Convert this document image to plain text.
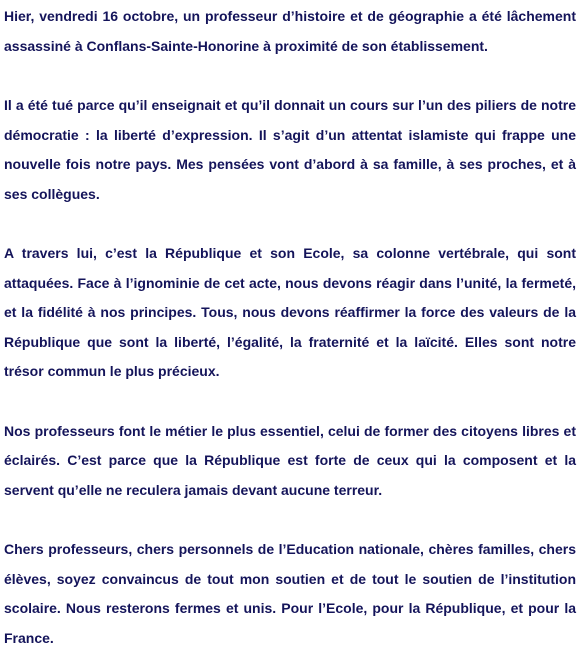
Hier, vendredi 16 octobre, un professeur d’histoire et de géographie a été lâchement assassiné à Conflans-Sainte-Honorine à proximité de son établissement.

Il a été tué parce qu’il enseignait et qu’il donnait un cours sur l’un des piliers de notre démocratie : la liberté d’expression. Il s’agit d’un attentat islamiste qui frappe une nouvelle fois notre pays. Mes pensées vont d’abord à sa famille, à ses proches, et à ses collègues.

A travers lui, c’est la République et son Ecole, sa colonne vertébrale, qui sont attaquées. Face à l’ignominie de cet acte, nous devons réagir dans l’unité, la fermeté, et la fidélité à nos principes. Tous, nous devons réaffirmer la force des valeurs de la République que sont la liberté, l’égalité, la fraternité et la laïcité. Elles sont notre trésor commun le plus précieux.

Nos professeurs font le métier le plus essentiel, celui de former des citoyens libres et éclairés. C’est parce que la République est forte de ceux qui la composent et la servent qu’elle ne reculera jamais devant aucune terreur.

Chers professeurs, chers personnels de l’Education nationale, chères familles, chers élèves, soyez convaincus de tout mon soutien et de tout le soutien de l’institution scolaire. Nous resterons fermes et unis. Pour l’Ecole, pour la République, et pour la France.
